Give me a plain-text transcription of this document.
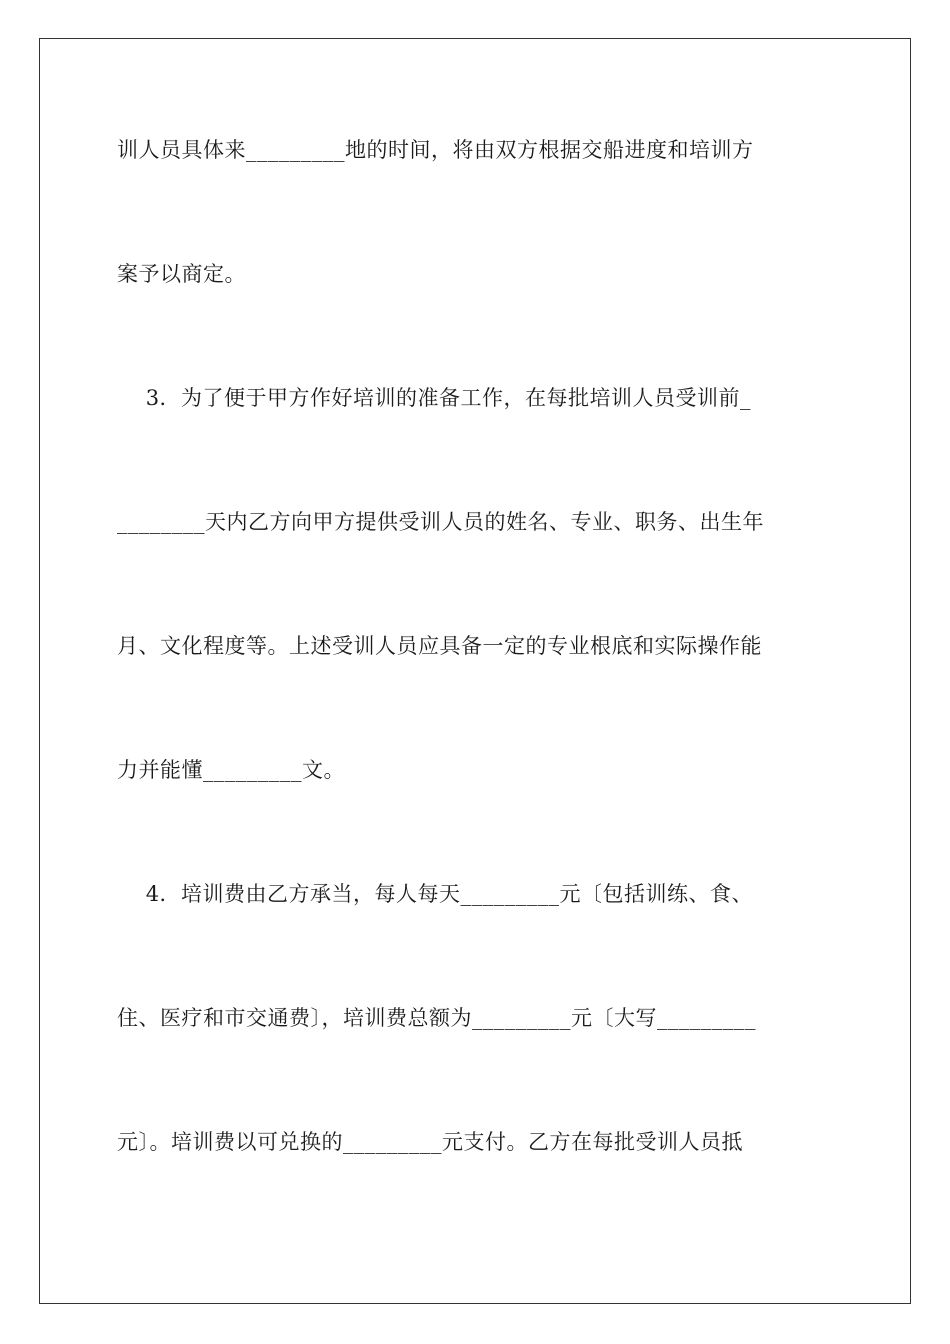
训人员具体来_________地的时间，将由双方根据交船进度和培训方
案予以商定。
3．为了便于甲方作好培训的准备工作，在每批培训人员受训前_
________天内乙方向甲方提供受训人员的姓名、专业、职务、出生年
月、文化程度等。上述受训人员应具备一定的专业根底和实际操作能
力并能懂_________文。
4．培训费由乙方承当，每人每天_________元〔包括训练、食、
住、医疗和市交通费〕，培训费总额为_________元〔大写_________
元〕。培训费以可兑换的_________元支付。乙方在每批受训人员抵
